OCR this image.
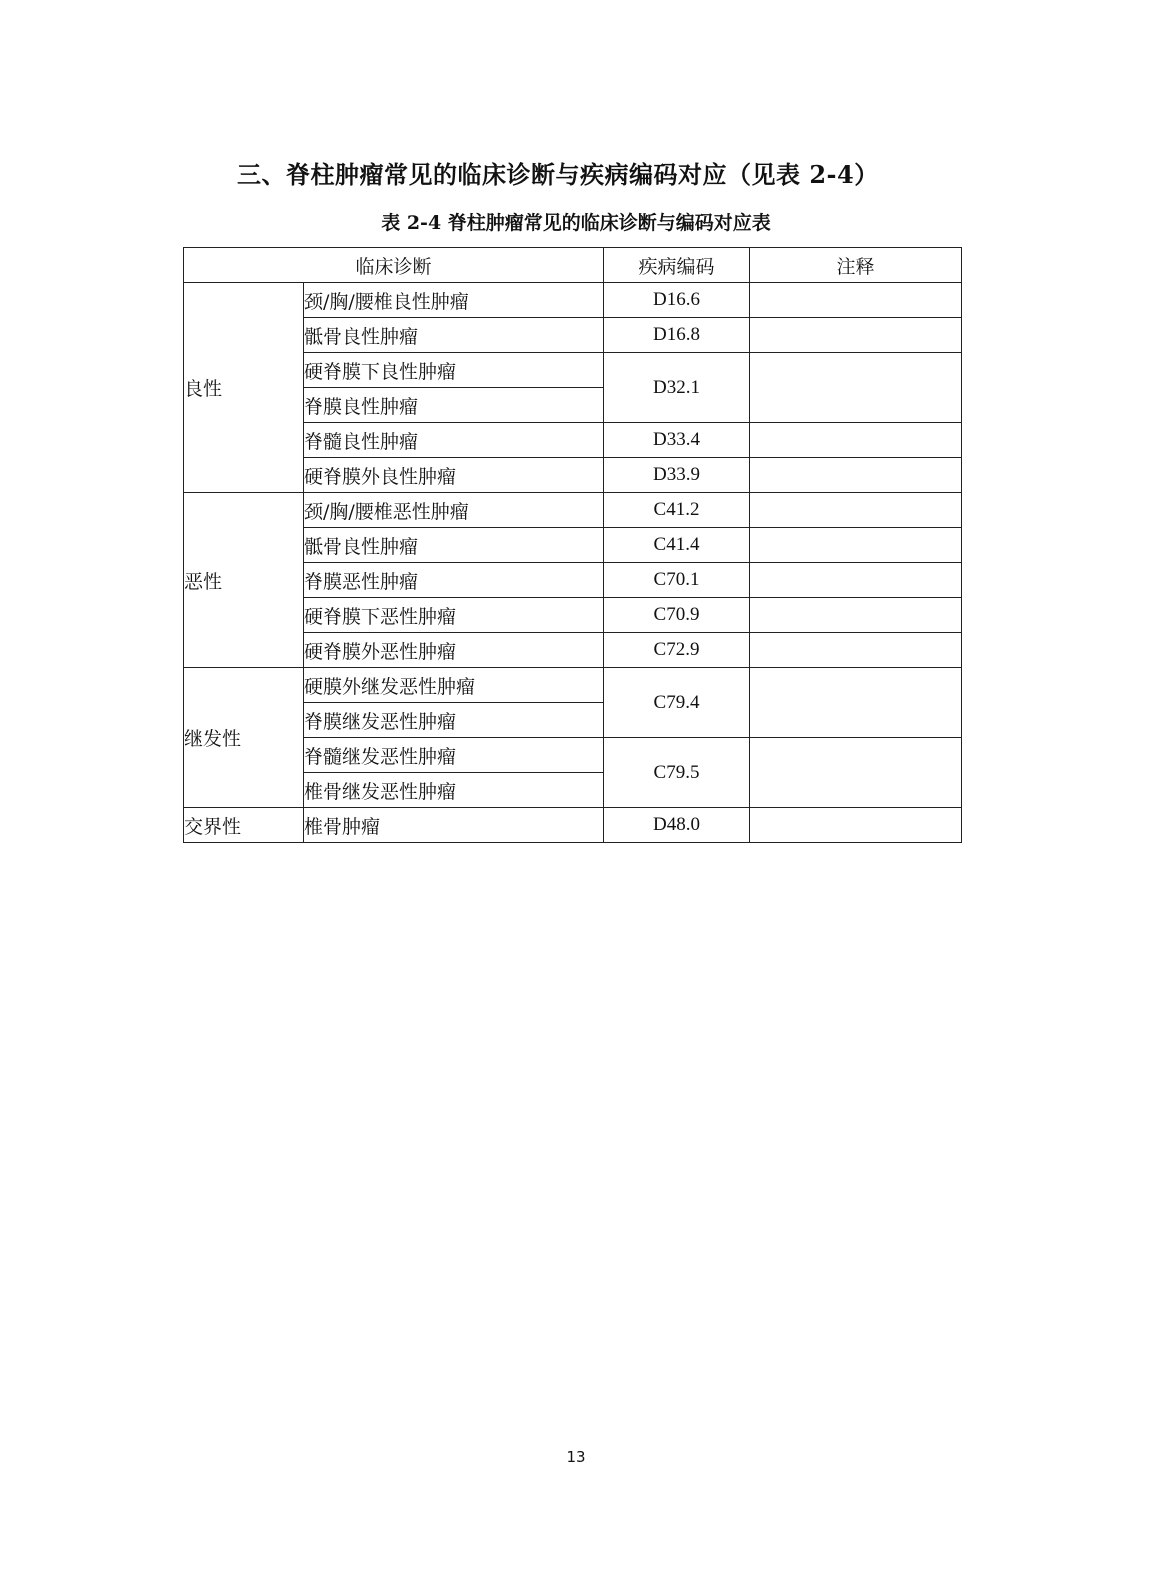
三、脊柱肿瘤常见的临床诊断与疾病编码对应（见表 2-4）
表 2-4 脊柱肿瘤常见的临床诊断与编码对应表
临床诊断		疾病编码	注释
良性	颈/胸/腰椎良性肿瘤	D16.6	
	骶骨良性肿瘤	D16.8	
	硬脊膜下良性肿瘤	D32.1	
	脊膜良性肿瘤		
	脊髓良性肿瘤	D33.4	
	硬脊膜外良性肿瘤	D33.9	
恶性	颈/胸/腰椎恶性肿瘤	C41.2	
	骶骨良性肿瘤	C41.4	
	脊膜恶性肿瘤	C70.1	
	硬脊膜下恶性肿瘤	C70.9	
	硬脊膜外恶性肿瘤	C72.9	
继发性	硬膜外继发恶性肿瘤	C79.4	
	脊膜继发恶性肿瘤		
	脊髓继发恶性肿瘤	C79.5	
	椎骨继发恶性肿瘤		
交界性	椎骨肿瘤	D48.0	
13
